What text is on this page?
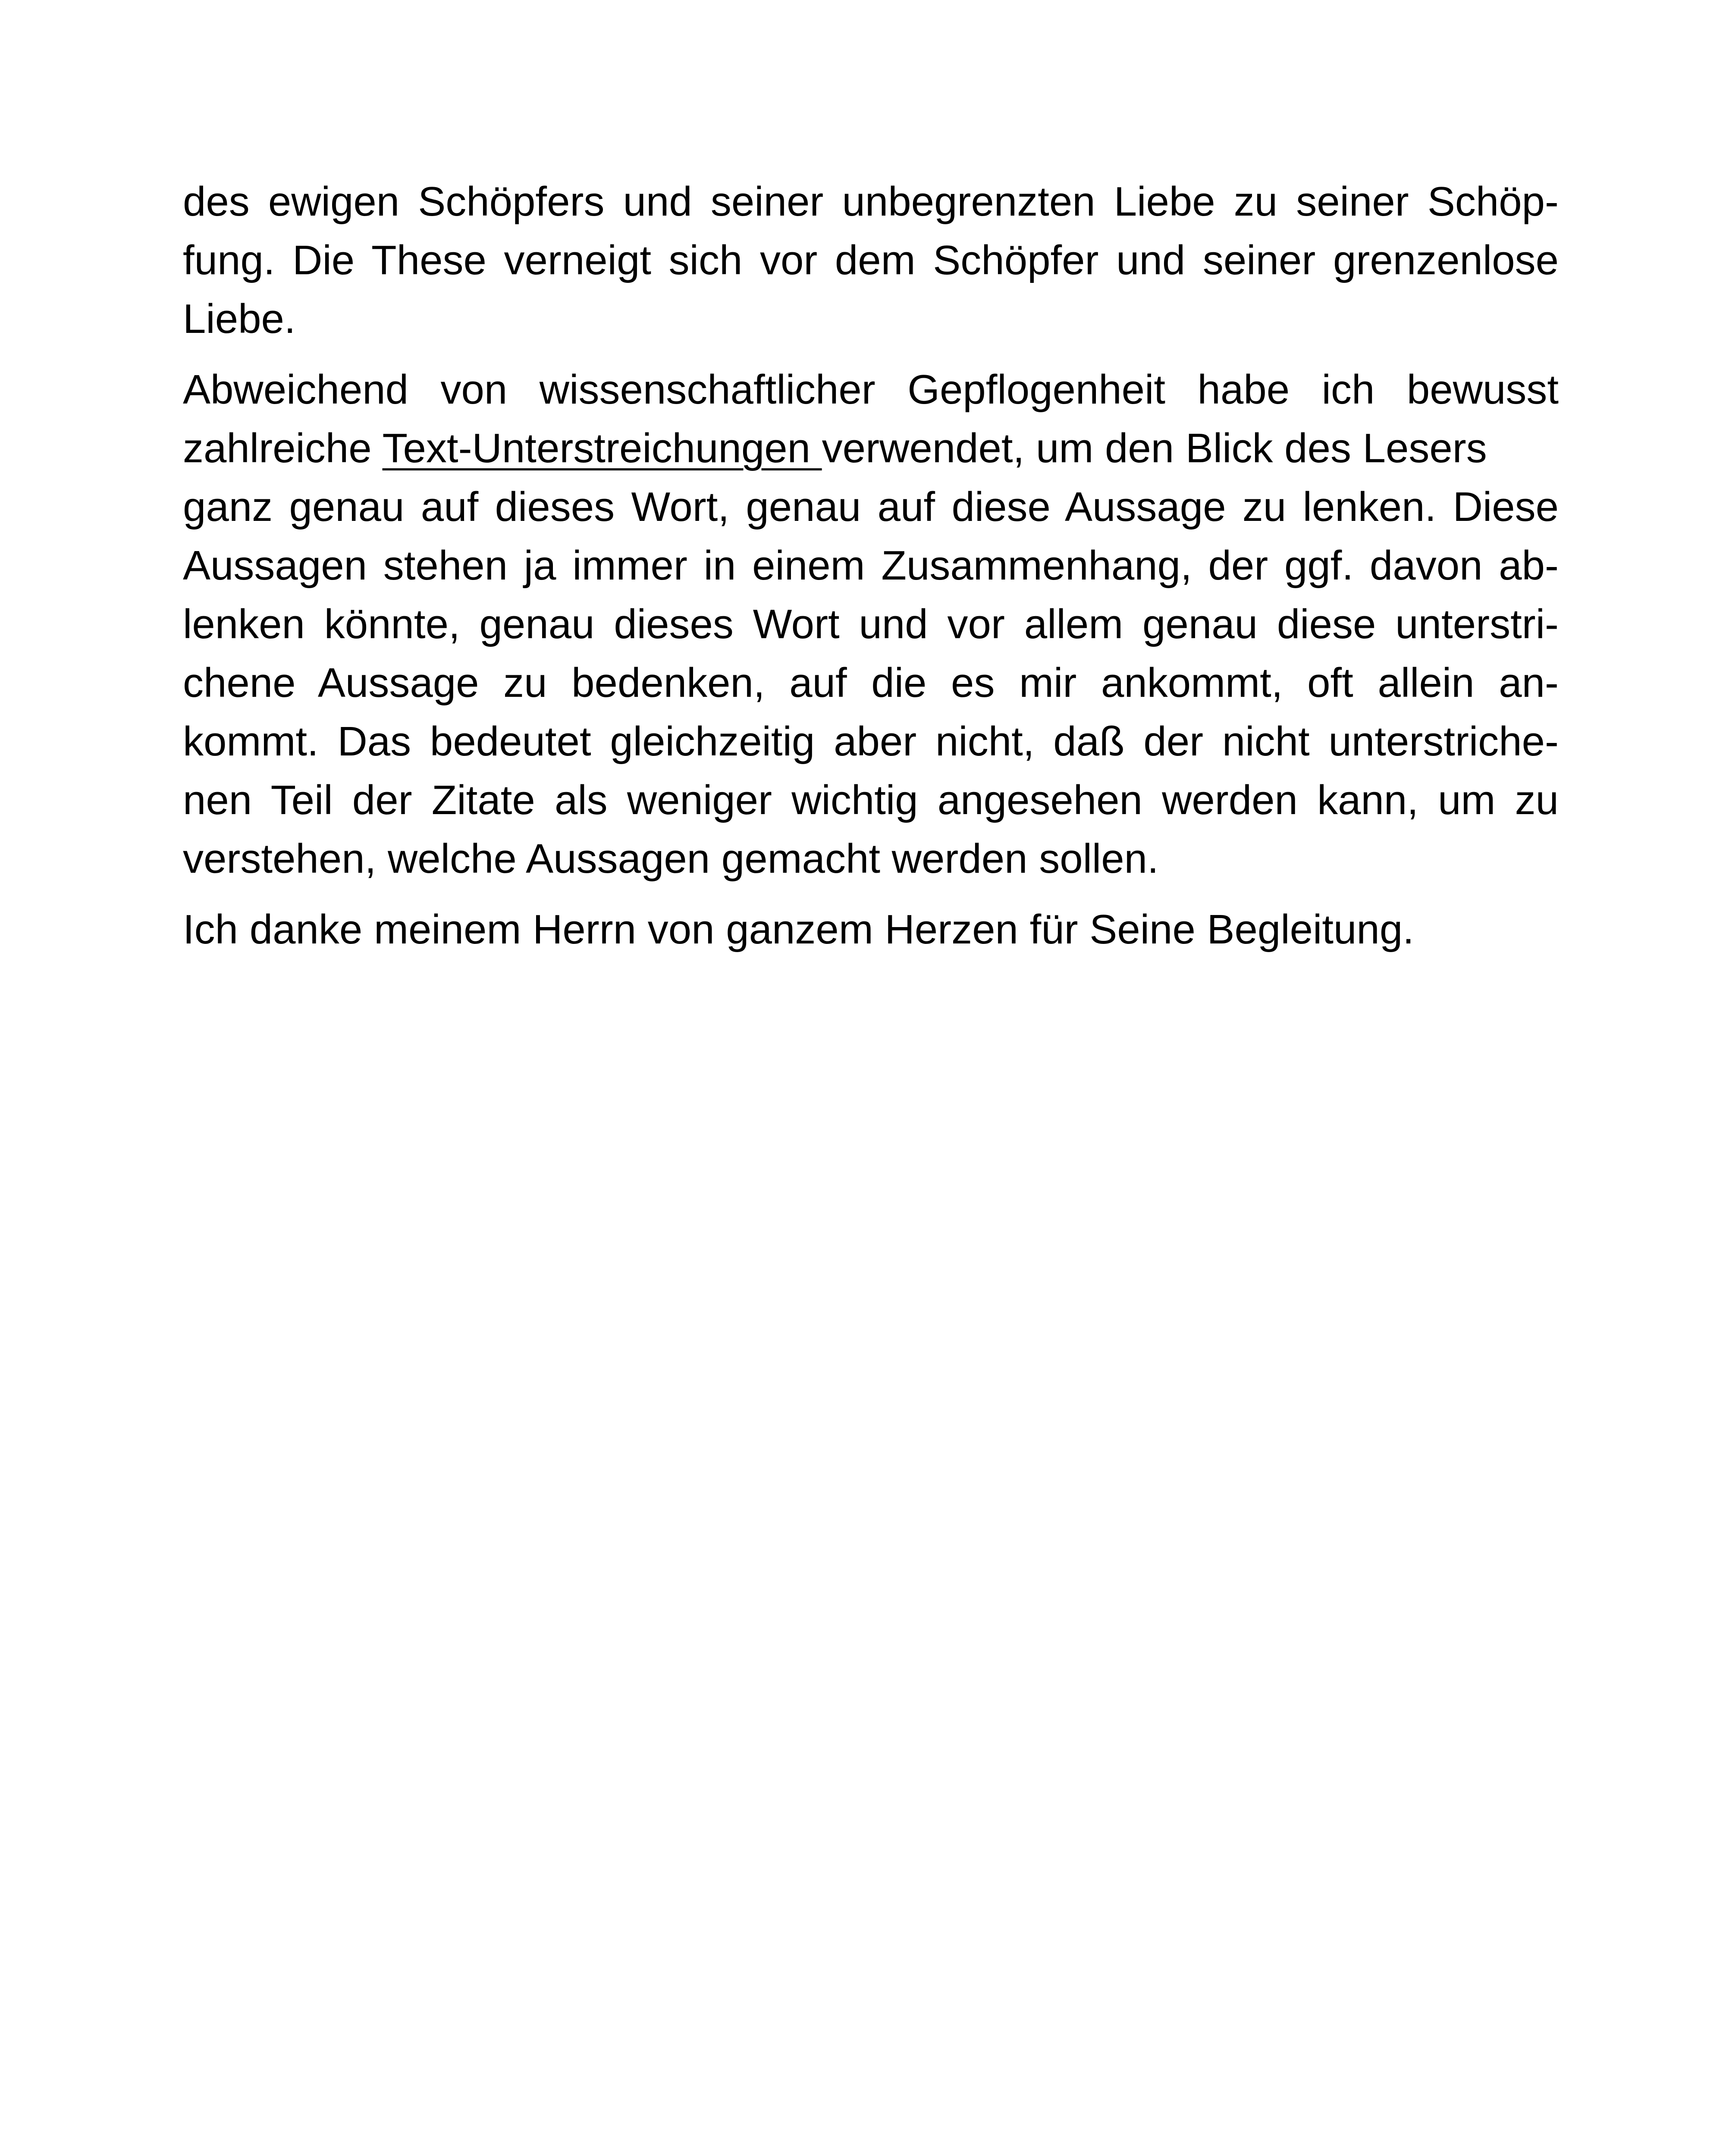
des ewigen Schöpfers und seiner unbegrenzten Liebe zu seiner Schöp-
fung. Die These verneigt sich vor dem Schöpfer und seiner grenzenlose
Liebe.
Abweichend von wissenschaftlicher Gepflogenheit habe ich bewusst
zahlreiche Text-Unterstreichungen verwendet, um den Blick des Lesers
ganz genau auf dieses Wort, genau auf diese Aussage zu lenken. Diese
Aussagen stehen ja immer in einem Zusammenhang, der ggf. davon ab-
lenken könnte, genau dieses Wort und vor allem genau diese unterstri-
chene Aussage zu bedenken, auf die es mir ankommt, oft allein an-
kommt. Das bedeutet gleichzeitig aber nicht, daß der nicht unterstriche-
nen Teil der Zitate als weniger wichtig angesehen werden kann, um zu
verstehen, welche Aussagen gemacht werden sollen.
Ich danke meinem Herrn von ganzem Herzen für Seine Begleitung.
